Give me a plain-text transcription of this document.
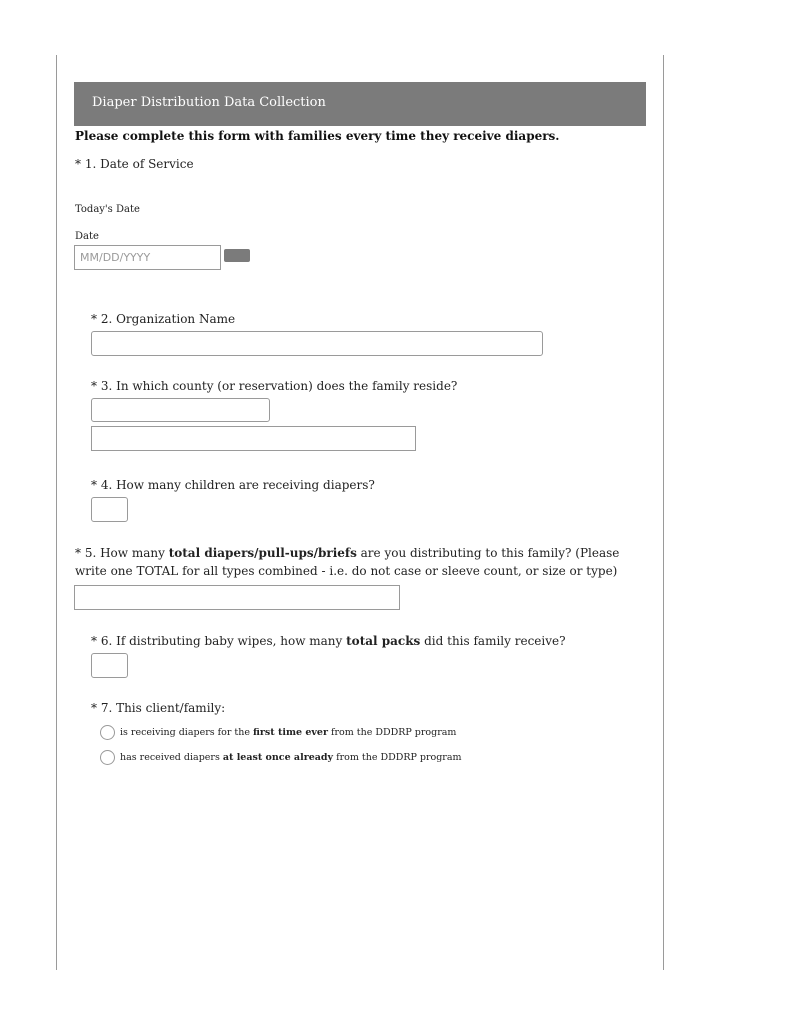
Diaper Distribution Data Collection
Please complete this form with families every time they receive diapers.
* 1. Date of Service
Today's Date
Date
MM/DD/YYYY
* 2. Organization Name
* 3. In which county (or reservation) does the family reside?
* 4. How many children are receiving diapers?
* 5. How many total diapers/pull-ups/briefs are you distributing to this family? (Please
write one TOTAL for all types combined - i.e. do not case or sleeve count, or size or type)
* 6. If distributing baby wipes, how many total packs did this family receive?
* 7. This client/family:
is receiving diapers for the first time ever from the DDDRP program
has received diapers at least once already from the DDDRP program
